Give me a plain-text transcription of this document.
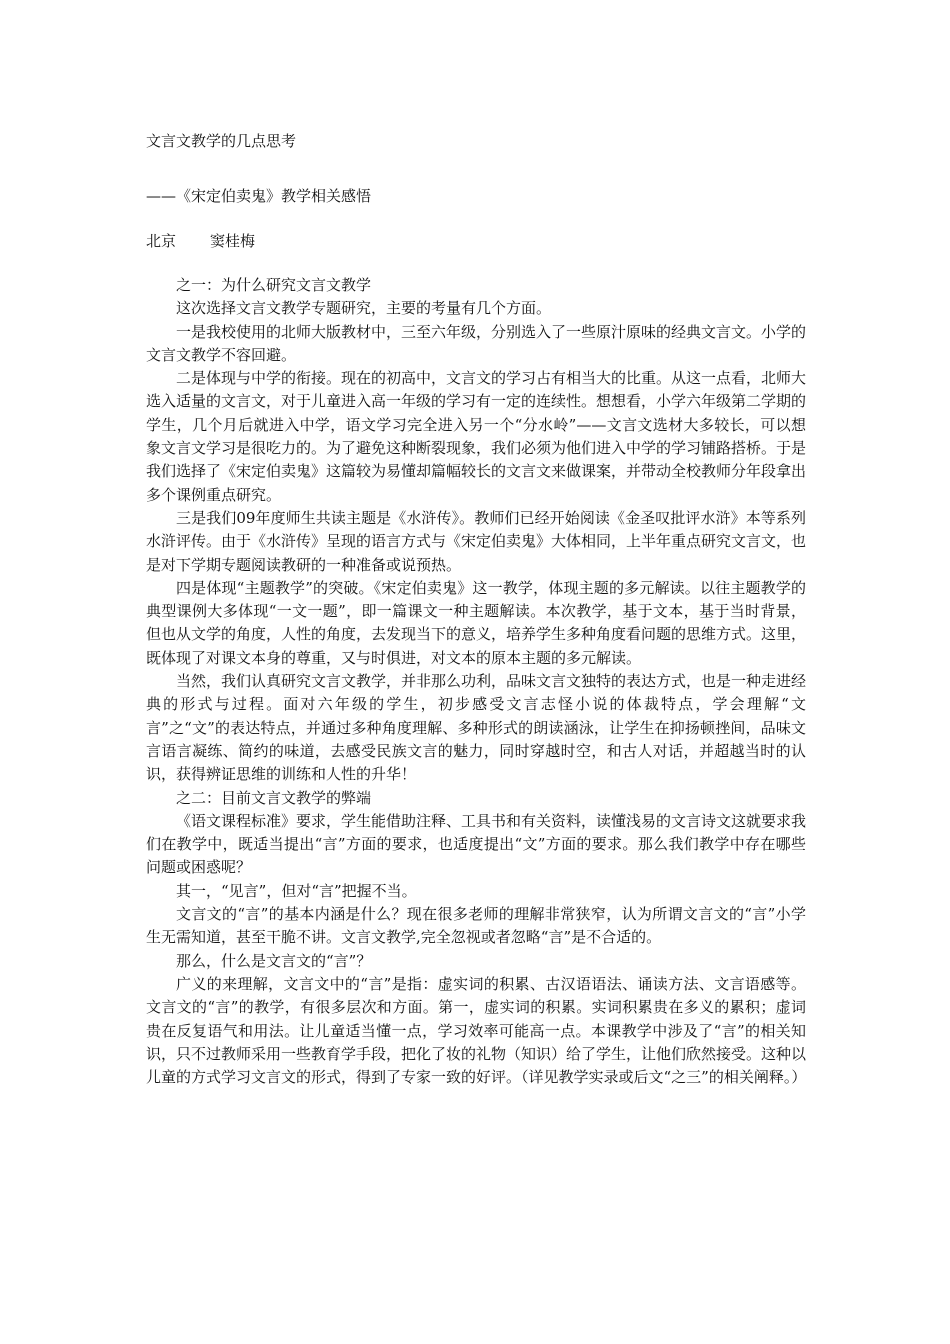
文言文教学的几点思考
——《宋定伯卖鬼》教学相关感悟
北京 窦桂梅

之一：为什么研究文言文教学

这次选择文言文教学专题研究，主要的考量有几个方面。

一是我校使用的北师大版教材中，三至六年级，分别选入了一些原汁原味的经典文言文。小学的文言文教学不容回避。

二是体现与中学的衔接。现在的初高中，文言文的学习占有相当大的比重。从这一点看，北师大选入适量的文言文，对于儿童进入高一年级的学习有一定的连续性。想想看，小学六年级第二学期的学生，几个月后就进入中学，语文学习完全进入另一个“分水岭”——文言文选材大多较长，可以想象文言文学习是很吃力的。为了避免这种断裂现象，我们必须为他们进入中学的学习铺路搭桥。于是我们选择了《宋定伯卖鬼》这篇较为易懂却篇幅较长的文言文来做课案，并带动全校教师分年段拿出多个课例重点研究。

三是我们09年度师生共读主题是《水浒传》。教师们已经开始阅读《金圣叹批评水浒》本等系列水浒评传。由于《水浒传》呈现的语言方式与《宋定伯卖鬼》大体相同，上半年重点研究文言文，也是对下学期专题阅读教研的一种准备或说预热。

四是体现“主题教学”的突破。《宋定伯卖鬼》这一教学，体现主题的多元解读。以往主题教学的典型课例大多体现“一文一题”，即一篇课文一种主题解读。本次教学，基于文本，基于当时背景，但也从文学的角度，人性的角度，去发现当下的意义，培养学生多种角度看问题的思维方式。这里，既体现了对课文本身的尊重，又与时俱进，对文本的原本主题的多元解读。

当然，我们认真研究文言文教学，并非那么功利，品味文言文独特的表达方式，也是一种走进经典的形式与过程。面对六年级的学生，初步感受文言志怪小说的体裁特点，学会理解“文言”之“文”的表达特点，并通过多种角度理解、多种形式的朗读涵泳，让学生在抑扬顿挫间，品味文言语言凝练、简约的味道，去感受民族文言的魅力，同时穿越时空，和古人对话，并超越当时的认识，获得辨证思维的训练和人性的升华！

之二：目前文言文教学的弊端

《语文课程标准》要求，学生能借助注释、工具书和有关资料，读懂浅易的文言诗文这就要求我们在教学中，既适当提出“言”方面的要求，也适度提出“文”方面的要求。那么我们教学中存在哪些问题或困惑呢？

其一，“见言”，但对“言”把握不当。

文言文的“言”的基本内涵是什么？现在很多老师的理解非常狭窄，认为所谓文言文的“言”小学生无需知道，甚至干脆不讲。文言文教学,完全忽视或者忽略“言”是不合适的。

那么，什么是文言文的“言”？

广义的来理解，文言文中的“言”是指：虚实词的积累、古汉语语法、诵读方法、文言语感等。文言文的“言”的教学，有很多层次和方面。第一，虚实词的积累。实词积累贵在多义的累积；虚词贵在反复语气和用法。让儿童适当懂一点，学习效率可能高一点。本课教学中涉及了“言”的相关知识，只不过教师采用一些教育学手段，把化了妆的礼物（知识）给了学生，让他们欣然接受。这种以儿童的方式学习文言文的形式，得到了专家一致的好评。（详见教学实录或后文“之三”的相关阐释。）
